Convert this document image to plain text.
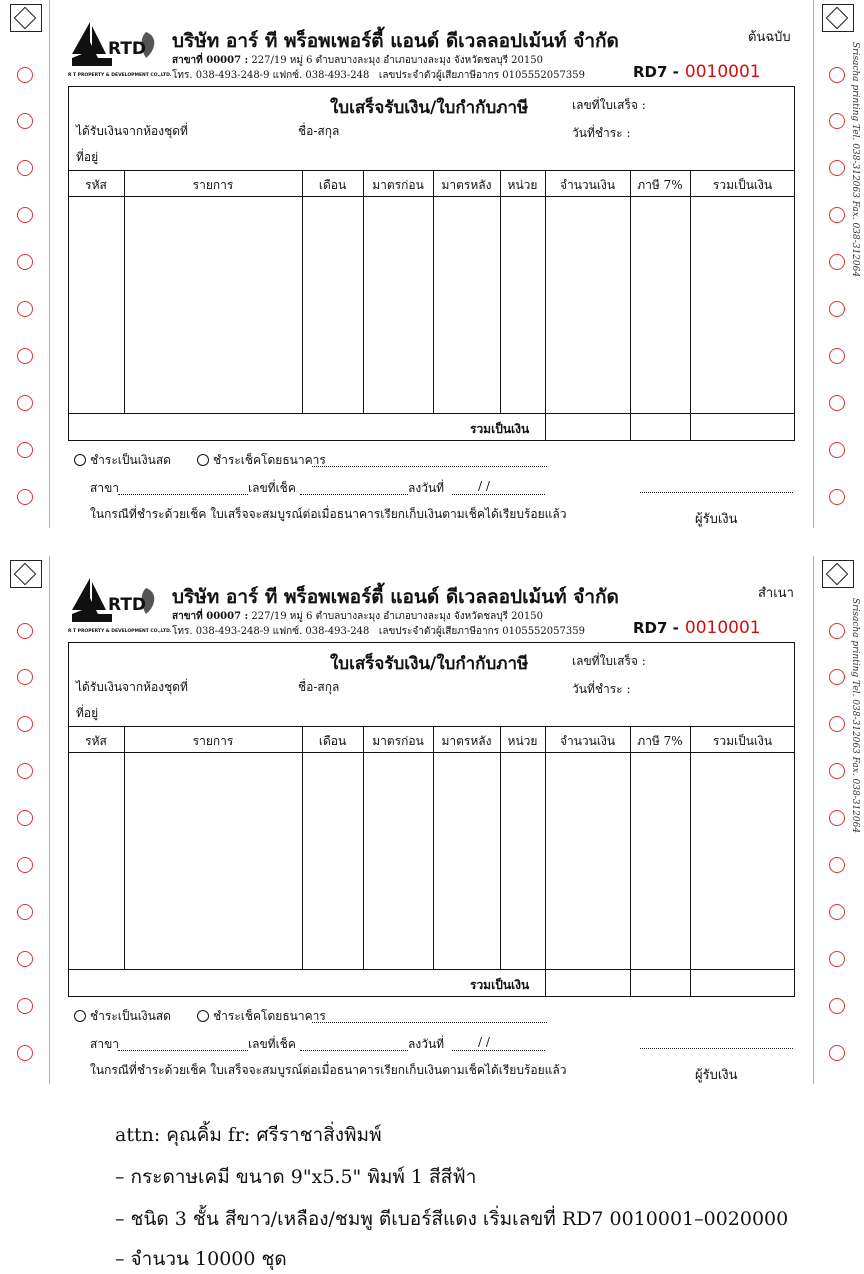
Srisacha printing Tel. 038-312063 Fax. 038-312064
RTD
R T PROPERTY & DEVELOPMENT CO.,LTD.
บริษัท อาร์ ที พร็อพเพอร์ตี้ แอนด์ ดีเวลลอปเม้นท์ จำกัด
สาขาที่ 00007 : 227/19 หมู่ 6 ตำบลบางละมุง อำเภอบางละมุง จังหวัดชลบุรี 20150
โทร. 038-493-248-9 แฟกซ์. 038-493-248 เลขประจำตัวผู้เสียภาษีอากร 0105552057359
ต้นฉบับ
RD7 - 0010001
ใบเสร็จรับเงิน/ใบกำกับภาษี	เลขที่ใบเสร็จ :
ได้รับเงินจากห้องชุดที่	ชื่อ-สกุล	วันที่ชำระ :
ที่อยู่
รหัส	รายการ	เดือน	มาตรก่อน	มาตรหลัง	หน่วย	จำนวนเงิน	ภาษี 7%	รวมเป็นเงิน
รวมเป็นเงิน
ชำระเป็นเงินสด	ชำระเช็คโดยธนาคาร
สาขา	เลขที่เช็ค	ลงวันที่	/ /
ในกรณีที่ชำระด้วยเช็ค ใบเสร็จจะสมบูรณ์ต่อเมื่อธนาคารเรียกเก็บเงินตามเช็คได้เรียบร้อยแล้ว	ผู้รับเงิน
Srisacha printing Tel. 038-312063 Fax. 038-312064
RTD
R T PROPERTY & DEVELOPMENT CO.,LTD.
บริษัท อาร์ ที พร็อพเพอร์ตี้ แอนด์ ดีเวลลอปเม้นท์ จำกัด
สาขาที่ 00007 : 227/19 หมู่ 6 ตำบลบางละมุง อำเภอบางละมุง จังหวัดชลบุรี 20150
โทร. 038-493-248-9 แฟกซ์. 038-493-248 เลขประจำตัวผู้เสียภาษีอากร 0105552057359
สำเนา
RD7 - 0010001
ใบเสร็จรับเงิน/ใบกำกับภาษี	เลขที่ใบเสร็จ :
ได้รับเงินจากห้องชุดที่	ชื่อ-สกุล	วันที่ชำระ :
ที่อยู่
รหัส	รายการ	เดือน	มาตรก่อน	มาตรหลัง	หน่วย	จำนวนเงิน	ภาษี 7%	รวมเป็นเงิน
รวมเป็นเงิน
ชำระเป็นเงินสด	ชำระเช็คโดยธนาคาร
สาขา	เลขที่เช็ค	ลงวันที่	/ /
ในกรณีที่ชำระด้วยเช็ค ใบเสร็จจะสมบูรณ์ต่อเมื่อธนาคารเรียกเก็บเงินตามเช็คได้เรียบร้อยแล้ว	ผู้รับเงิน
attn: คุณคิ้ม fr: ศรีราชาสิ่งพิมพ์
– กระดาษเคมี ขนาด 9"x5.5" พิมพ์ 1 สีสีฟ้า
– ชนิด 3 ชั้น สีขาว/เหลือง/ชมพู ตีเบอร์สีแดง เริ่มเลขที่ RD7 0010001–0020000
– จำนวน 10000 ชุด
